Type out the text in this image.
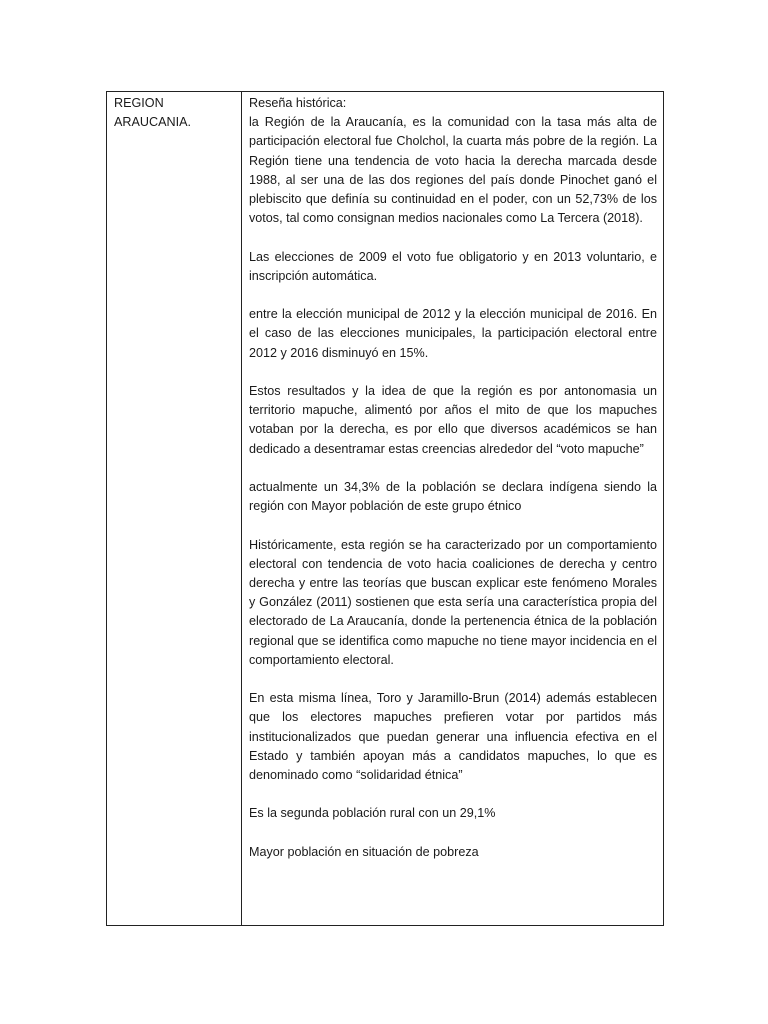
REGION
ARAUCANIA.

Reseña histórica:

la Región de la Araucanía, es la comunidad con la tasa más alta de participación electoral fue Cholchol, la cuarta más pobre de la región. La Región tiene una tendencia de voto hacia la derecha marcada desde 1988, al ser una de las dos regiones del país donde Pinochet ganó el plebiscito que definía su continuidad en el poder, con un 52,73% de los votos, tal como consignan medios nacionales como La Tercera (2018).

Las elecciones de 2009 el voto fue obligatorio y en 2013 voluntario, e inscripción automática.

entre la elección municipal de 2012 y la elección municipal de 2016. En el caso de las elecciones municipales, la participación electoral entre 2012 y 2016 disminuyó en 15%.

Estos resultados y la idea de que la región es por antonomasia un territorio mapuche, alimentó por años el mito de que los mapuches votaban por la derecha, es por ello que diversos académicos se han dedicado a desentramar estas creencias alrededor del “voto mapuche”

actualmente un 34,3% de la población se declara indígena siendo la región con Mayor población de este grupo étnico

Históricamente, esta región se ha caracterizado por un comportamiento electoral con tendencia de voto hacia coaliciones de derecha y centro derecha y entre las teorías que buscan explicar este fenómeno Morales y González (2011) sostienen que esta sería una característica propia del electorado de La Araucanía, donde la pertenencia étnica de la población regional que se identifica como mapuche no tiene mayor incidencia en el comportamiento electoral.

En esta misma línea, Toro y Jaramillo-Brun (2014) además establecen que los electores mapuches prefieren votar por partidos más institucionalizados que puedan generar una influencia efectiva en el Estado y también apoyan más a candidatos mapuches, lo que es denominado como “solidaridad étnica”

Es la segunda población rural con un 29,1%

Mayor población en situación de pobreza
